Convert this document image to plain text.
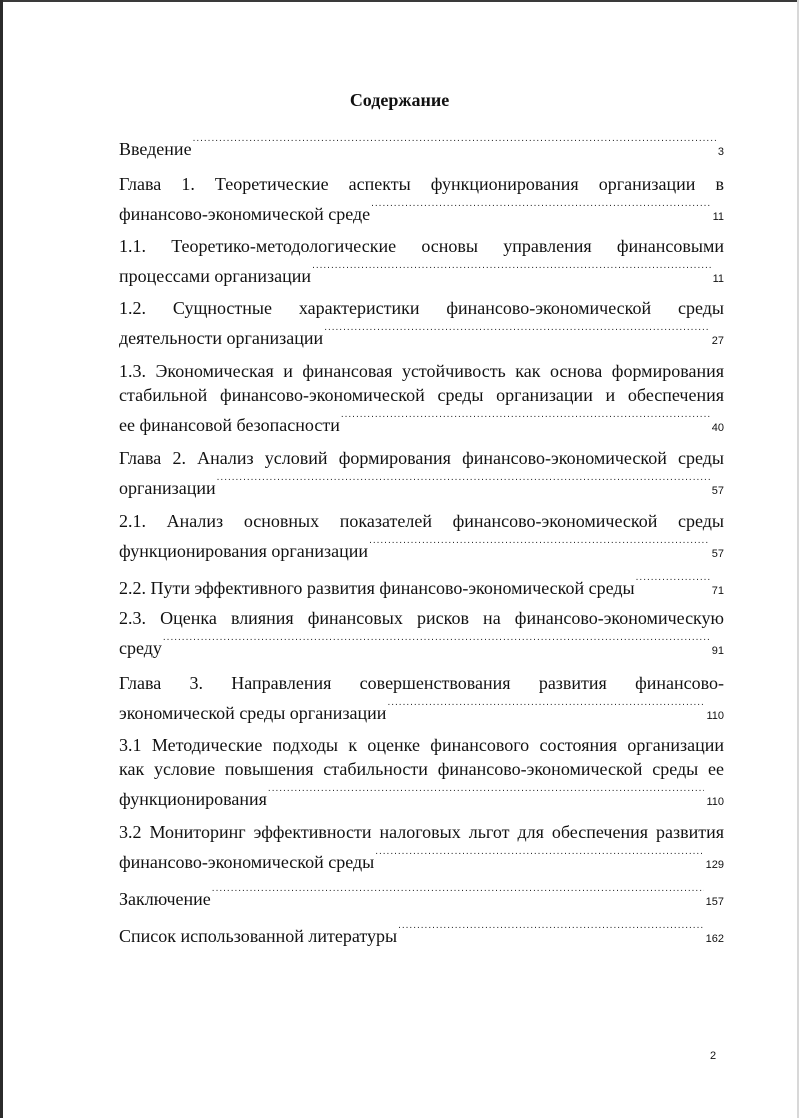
Содержание
Введение .....	3
Глава 1. Теоретические аспекты функционирования организации в
финансово-экономической среде .....	11
1.1. Теоретико-методологические основы управления финансовыми
процессами организации .....	11
1.2. Сущностные характеристики финансово-экономической среды
деятельности организации .....	27
1.3. Экономическая и финансовая устойчивость как основа формирования
стабильной финансово-экономической среды организации и обеспечения
ее финансовой безопасности .....	40
Глава 2. Анализ условий формирования финансово-экономической среды
организации .....	57
2.1. Анализ основных показателей финансово-экономической среды
функционирования организации .....	57
2.2. Пути эффективного развития финансово-экономической среды .....	71
2.3. Оценка влияния финансовых рисков на финансово-экономическую
среду .....	91
Глава 3. Направления совершенствования развития финансово-
экономической среды организации .....	110
3.1 Методические подходы к оценке финансового состояния организации
как условие повышения стабильности финансово-экономической среды ее
функционирования .....	110
3.2 Мониторинг эффективности налоговых льгот для обеспечения развития
финансово-экономической среды .....	129
Заключение .....	157
Список использованной литературы .....	162
2
